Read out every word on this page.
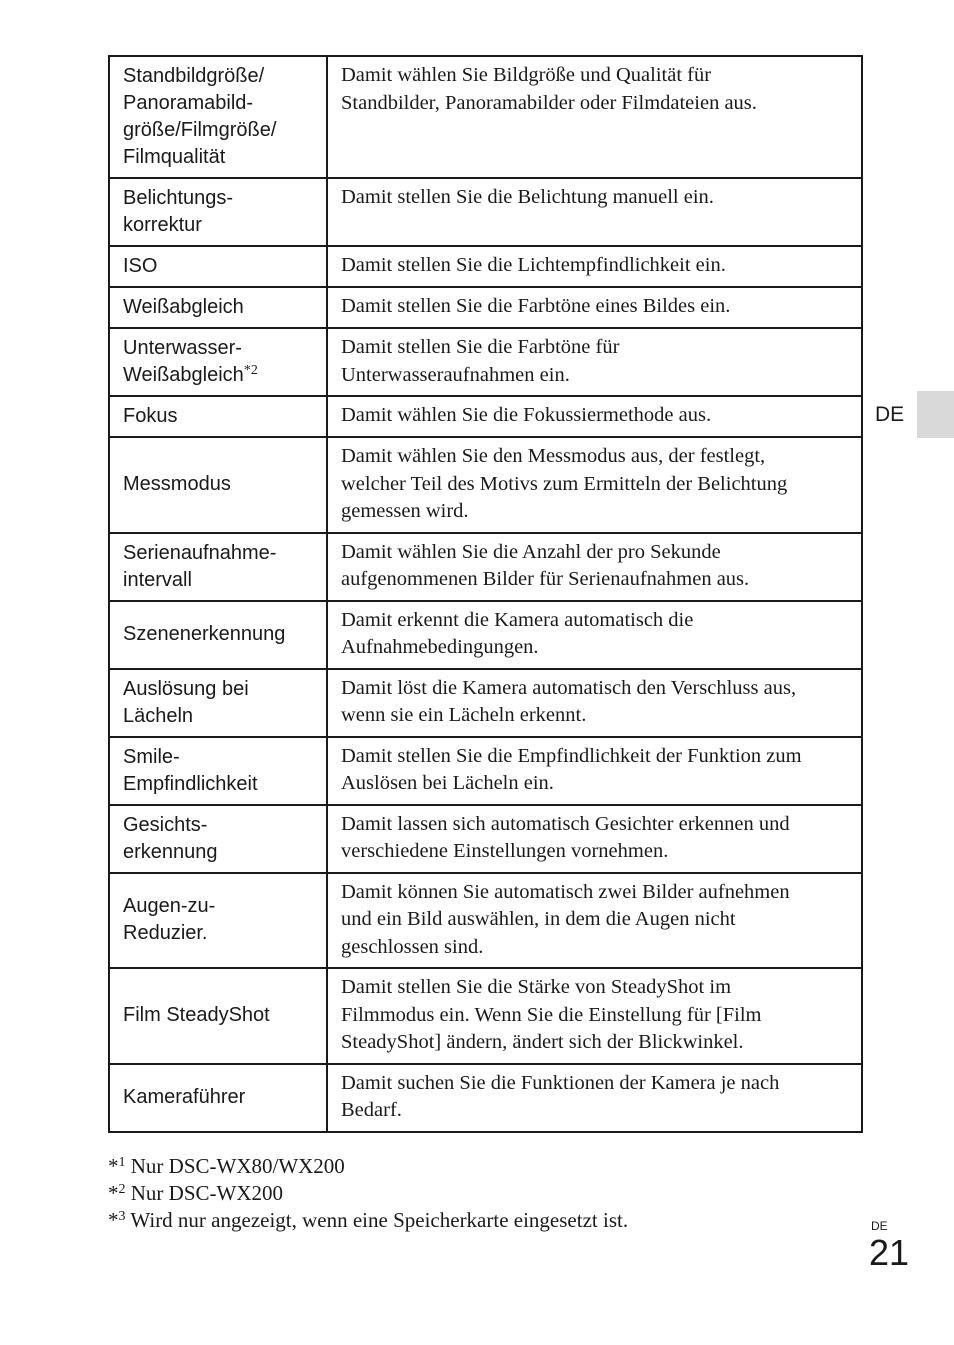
Standbildgröße/
Panoramabild-
größe/Filmgröße/
Filmqualität	Damit wählen Sie Bildgröße und Qualität für
Standbilder, Panoramabilder oder Filmdateien aus.
Belichtungs-
korrektur	Damit stellen Sie die Belichtung manuell ein.
ISO	Damit stellen Sie die Lichtempfindlichkeit ein.
Weißabgleich	Damit stellen Sie die Farbtöne eines Bildes ein.
Unterwasser-
Weißabgleich$^{*2}$	Damit stellen Sie die Farbtöne für
Unterwasseraufnahmen ein.
Fokus	Damit wählen Sie die Fokussiermethode aus.
Messmodus	Damit wählen Sie den Messmodus aus, der festlegt,
welcher Teil des Motivs zum Ermitteln der Belichtung
gemessen wird.
Serienaufnahme-
intervall	Damit wählen Sie die Anzahl der pro Sekunde
aufgenommenen Bilder für Serienaufnahmen aus.
Szenenerkennung	Damit erkennt die Kamera automatisch die
Aufnahmebedingungen.
Auslösung bei
Lächeln	Damit löst die Kamera automatisch den Verschluss aus,
wenn sie ein Lächeln erkennt.
Smile-
Empfindlichkeit	Damit stellen Sie die Empfindlichkeit der Funktion zum
Auslösen bei Lächeln ein.
Gesichts-
erkennung	Damit lassen sich automatisch Gesichter erkennen und
verschiedene Einstellungen vornehmen.
Augen-zu-
Reduzier.	Damit können Sie automatisch zwei Bilder aufnehmen
und ein Bild auswählen, in dem die Augen nicht
geschlossen sind.
Film SteadyShot	Damit stellen Sie die Stärke von SteadyShot im
Filmmodus ein. Wenn Sie die Einstellung für [Film
SteadyShot] ändern, ändert sich der Blickwinkel.
Kameraführer	Damit suchen Sie die Funktionen der Kamera je nach
Bedarf.
DE
*$^1$ Nur DSC-WX80/WX200
*$^2$ Nur DSC-WX200
*$^3$ Wird nur angezeigt, wenn eine Speicherkarte eingesetzt ist.	DE
21
